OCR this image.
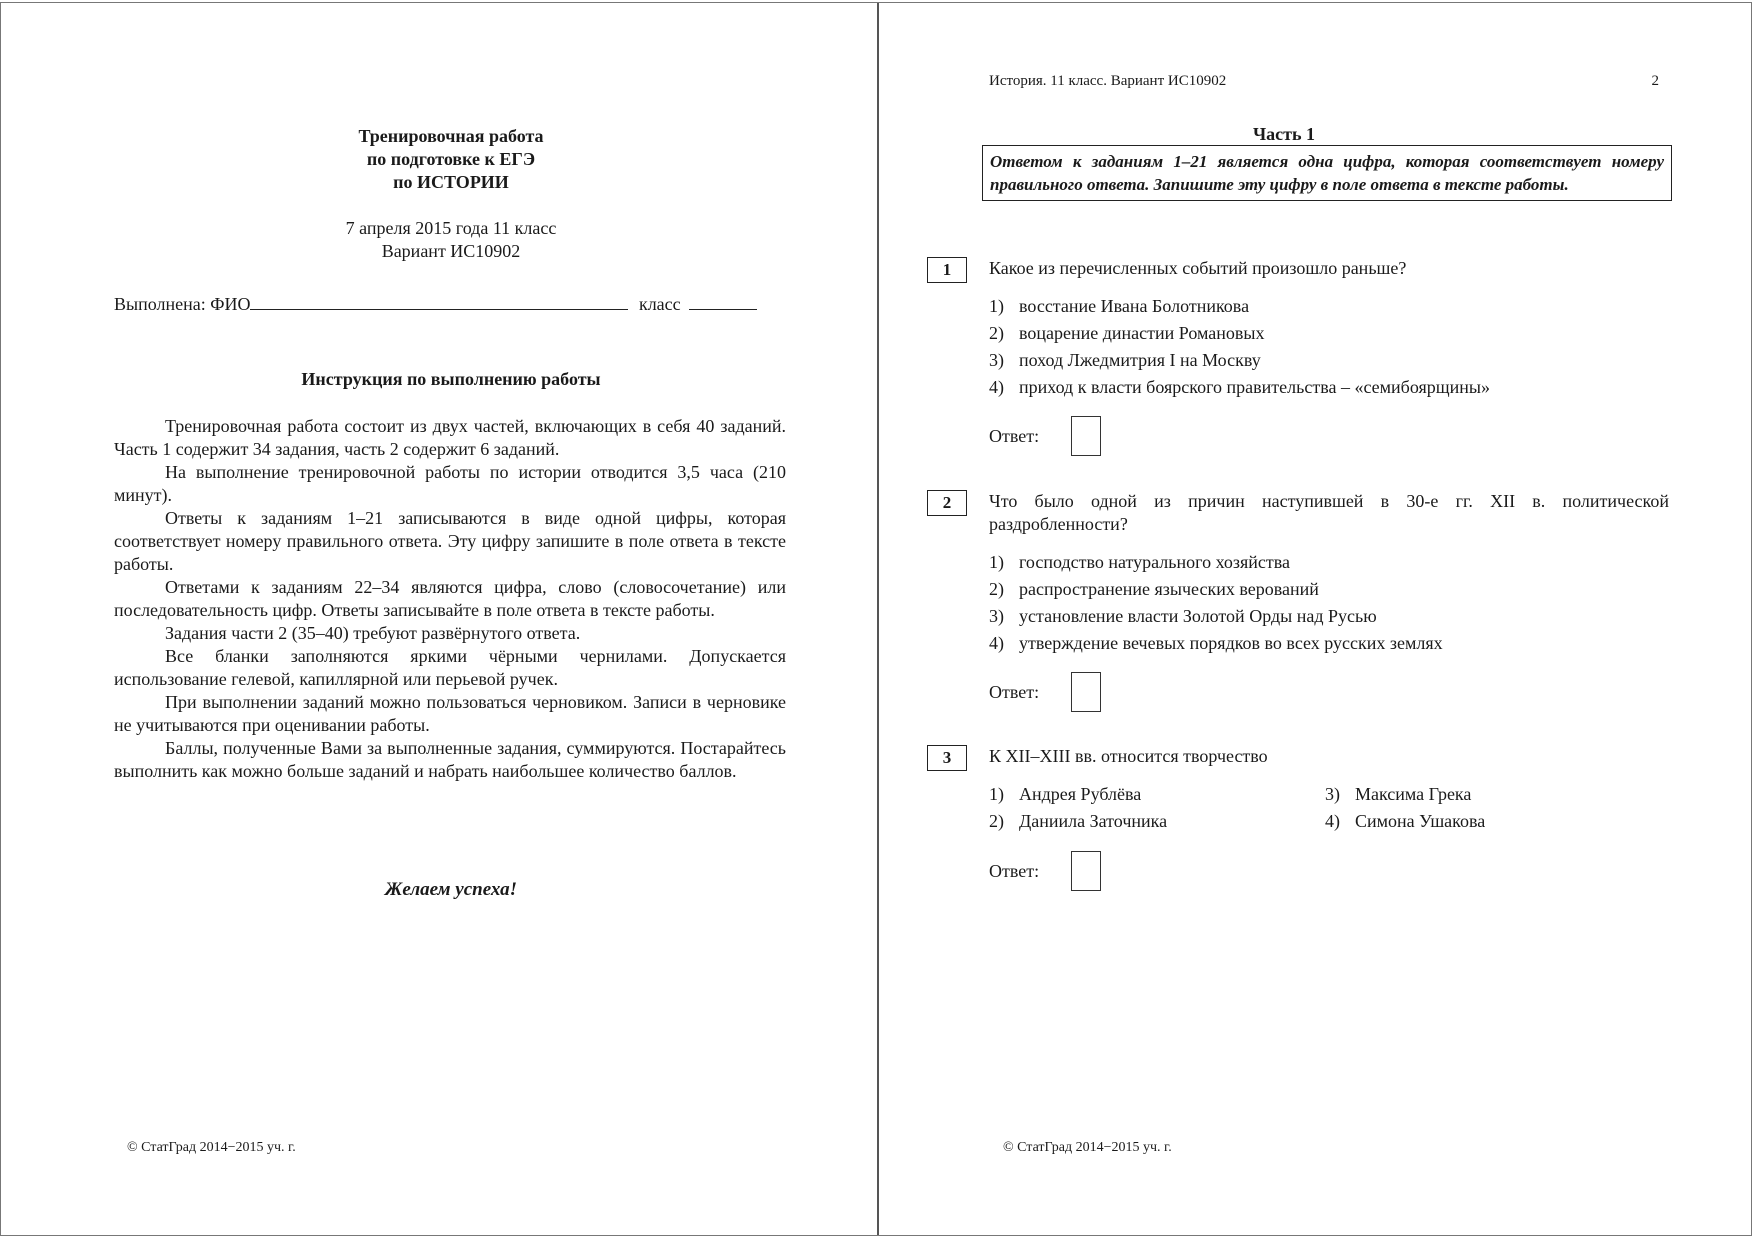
Тренировочная работа
по подготовке к ЕГЭ
по ИСТОРИИ
7 апреля 2015 года 11 класс
Вариант ИС10902
Выполнена: ФИО	класс
Инструкция по выполнению работы

Тренировочная работа состоит из двух частей, включающих в себя 40 заданий. Часть 1 содержит 34 задания, часть 2 содержит 6 заданий.

На выполнение тренировочной работы по истории отводится 3,5 часа (210 минут).

Ответы к заданиям 1–21 записываются в виде одной цифры, которая соответствует номеру правильного ответа. Эту цифру запишите в поле ответа в тексте работы.

Ответами к заданиям 22–34 являются цифра, слово (словосочетание) или последовательность цифр. Ответы записывайте в поле ответа в тексте работы.

Задания части 2 (35–40) требуют развёрнутого ответа.

Все бланки заполняются яркими чёрными чернилами. Допускается использование гелевой, капиллярной или перьевой ручек.

При выполнении заданий можно пользоваться черновиком. Записи в черновике не учитываются при оценивании работы.

Баллы, полученные Вами за выполненные задания, суммируются. Постарайтесь выполнить как можно больше заданий и набрать наибольшее количество баллов.

Желаем успеха!
© СтатГрад 2014−2015 уч. г.
История. 11 класс. Вариант ИС10902	2
Часть 1
Ответом к заданиям 1–21 является одна цифра, которая соответствует номеру правильного ответа. Запишите эту цифру в поле ответа в тексте работы.
1	Какое из перечисленных событий произошло раньше?
1) восстание Ивана Болотникова
2) воцарение династии Романовых
3) поход Лжедмитрия I на Москву
4) приход к власти боярского правительства – «семибоярщины»
Ответ:
2	Что было одной из причин наступившей в 30-е гг. XII в. политической раздробленности?
1) господство натурального хозяйства
2) распространение языческих верований
3) установление власти Золотой Орды над Русью
4) утверждение вечевых порядков во всех русских землях
Ответ:
3	К XII–XIII вв. относится творчество
1) Андрея Рублёва	3) Максима Грека
2) Даниила Заточника	4) Симона Ушакова
Ответ:
© СтатГрад 2014−2015 уч. г.
